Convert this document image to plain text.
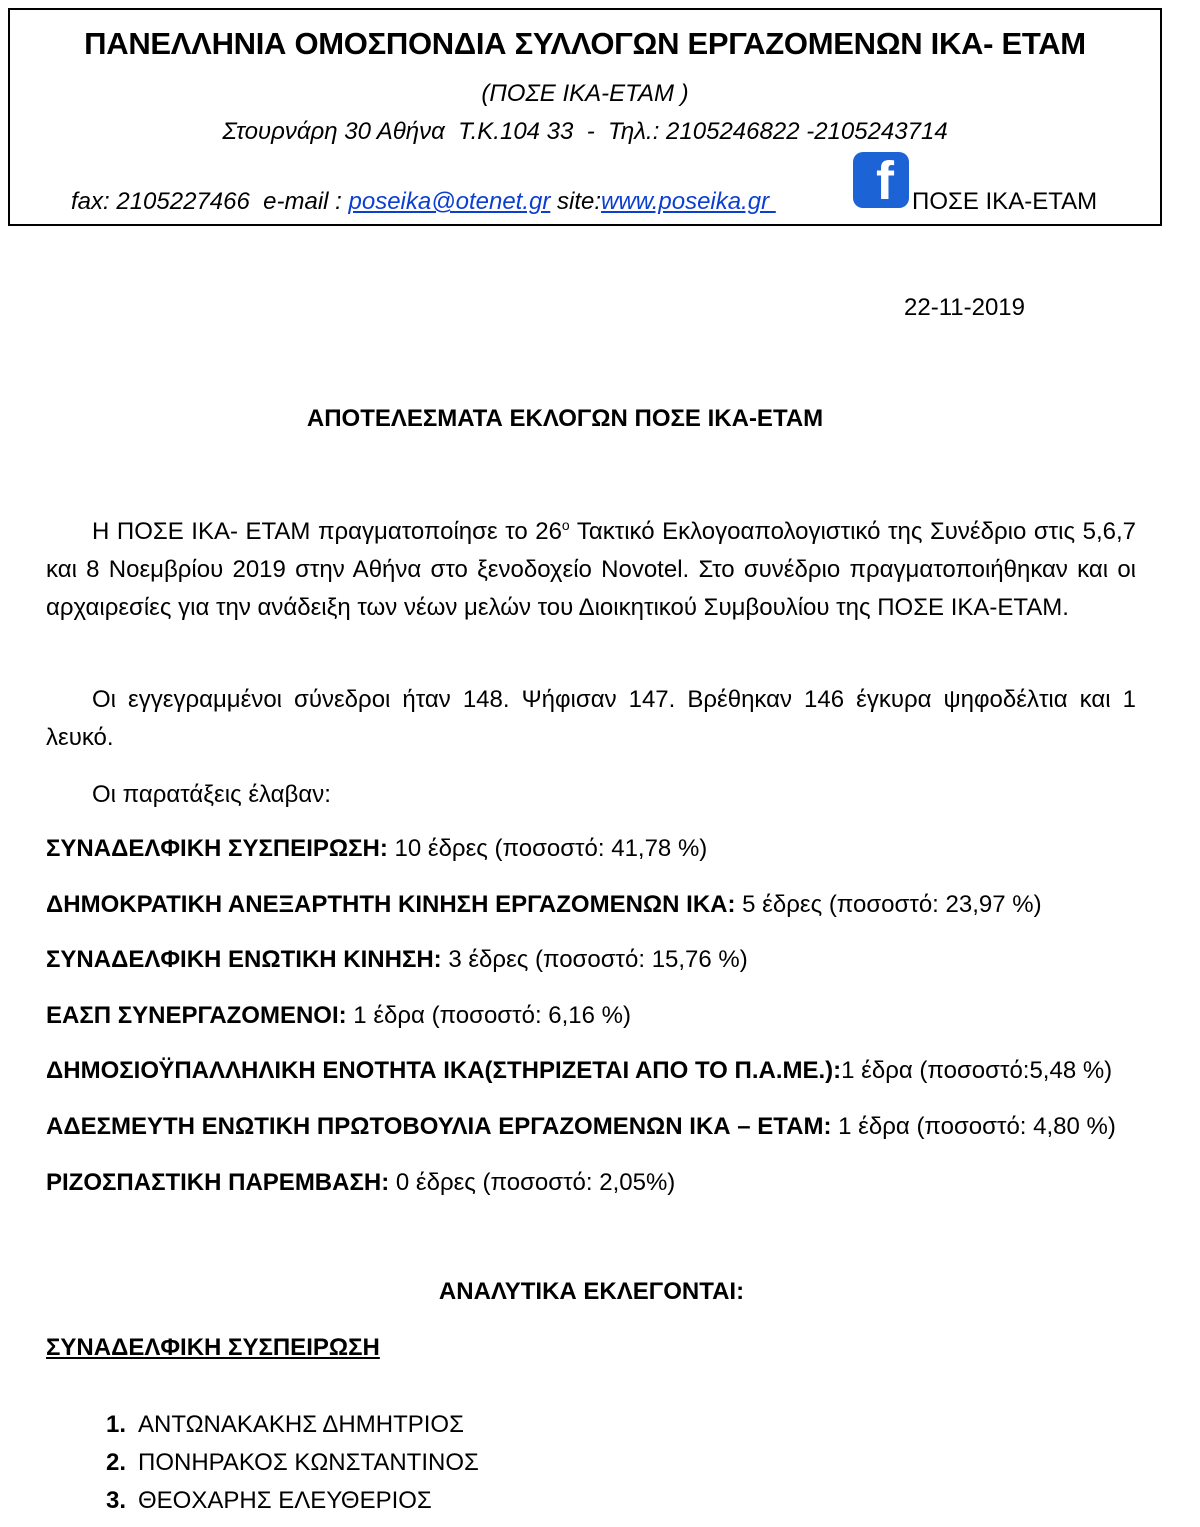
ΠΑΝΕΛΛΗΝΙΑ ΟΜΟΣΠΟΝΔΙΑ ΣΥΛΛΟΓΩΝ ΕΡΓΑΖΟΜΕΝΩΝ ΙΚΑ- ΕΤΑΜ
(ΠΟΣΕ ΙΚΑ-ΕΤΑΜ )
Στουρνάρη 30 Αθήνα  Τ.Κ.104 33  -  Τηλ.: 2105246822 -2105243714
fax: 2105227466  e-mail : poseika@otenet.gr site:www.poseika.gr f ΠΟΣΕ ΙΚΑ-ΕΤΑΜ
22-11-2019
ΑΠΟΤΕΛΕΣΜΑΤΑ ΕΚΛΟΓΩΝ ΠΟΣΕ ΙΚΑ-ΕΤΑΜ
Η ΠΟΣΕ ΙΚΑ- ΕΤΑΜ πραγματοποίησε το $26^o$ Τακτικό Εκλογοαπολογιστικό της Συνέδριο στις 5,6,7 και 8 Νοεμβρίου 2019 στην Αθήνα στο ξενοδοχείο Novotel. Στο συνέδριο πραγματοποιήθηκαν και οι αρχαιρεσίες για την ανάδειξη των νέων μελών του Διοικητικού Συμβουλίου της ΠΟΣΕ ΙΚΑ-ΕΤΑΜ.
Οι εγγεγραμμένοι σύνεδροι ήταν 148. Ψήφισαν 147. Βρέθηκαν 146 έγκυρα ψηφοδέλτια και 1 λευκό.
Οι παρατάξεις έλαβαν:
ΣΥΝΑΔΕΛΦΙΚΗ ΣΥΣΠΕΙΡΩΣΗ: 10 έδρες (ποσοστό: 41,78 %)
ΔΗΜΟΚΡΑΤΙΚΗ ΑΝΕΞΑΡΤΗΤΗ ΚΙΝΗΣΗ ΕΡΓΑΖΟΜΕΝΩΝ ΙΚΑ: 5 έδρες (ποσοστό: 23,97 %)
ΣΥΝΑΔΕΛΦΙΚΗ ΕΝΩΤΙΚΗ ΚΙΝΗΣΗ: 3 έδρες (ποσοστό: 15,76 %)
ΕΑΣΠ ΣΥΝΕΡΓΑΖΟΜΕΝΟΙ: 1 έδρα (ποσοστό: 6,16 %)
ΔΗΜΟΣΙΟΫΠΑΛΛΗΛΙΚΗ ΕΝΟΤΗΤΑ ΙΚΑ(ΣΤΗΡΙΖΕΤΑΙ ΑΠΟ ΤΟ Π.Α.ΜΕ.):1 έδρα (ποσοστό:5,48 %)
ΑΔΕΣΜΕΥΤΗ ΕΝΩΤΙΚΗ ΠΡΩΤΟΒΟΥΛΙΑ ΕΡΓΑΖΟΜΕΝΩΝ ΙΚΑ – ΕΤΑΜ: 1 έδρα (ποσοστό: 4,80 %)
ΡΙΖΟΣΠΑΣΤΙΚΗ ΠΑΡΕΜΒΑΣΗ: 0 έδρες (ποσοστό: 2,05%)
ΑΝΑΛΥΤΙΚΑ ΕΚΛΕΓΟΝΤΑΙ:
ΣΥΝΑΔΕΛΦΙΚΗ ΣΥΣΠΕΙΡΩΣΗ
1. ΑΝΤΩΝΑΚΑΚΗΣ ΔΗΜΗΤΡΙΟΣ
2. ΠΟΝΗΡΑΚΟΣ ΚΩΝΣΤΑΝΤΙΝΟΣ
3. ΘΕΟΧΑΡΗΣ ΕΛΕΥΘΕΡΙΟΣ
